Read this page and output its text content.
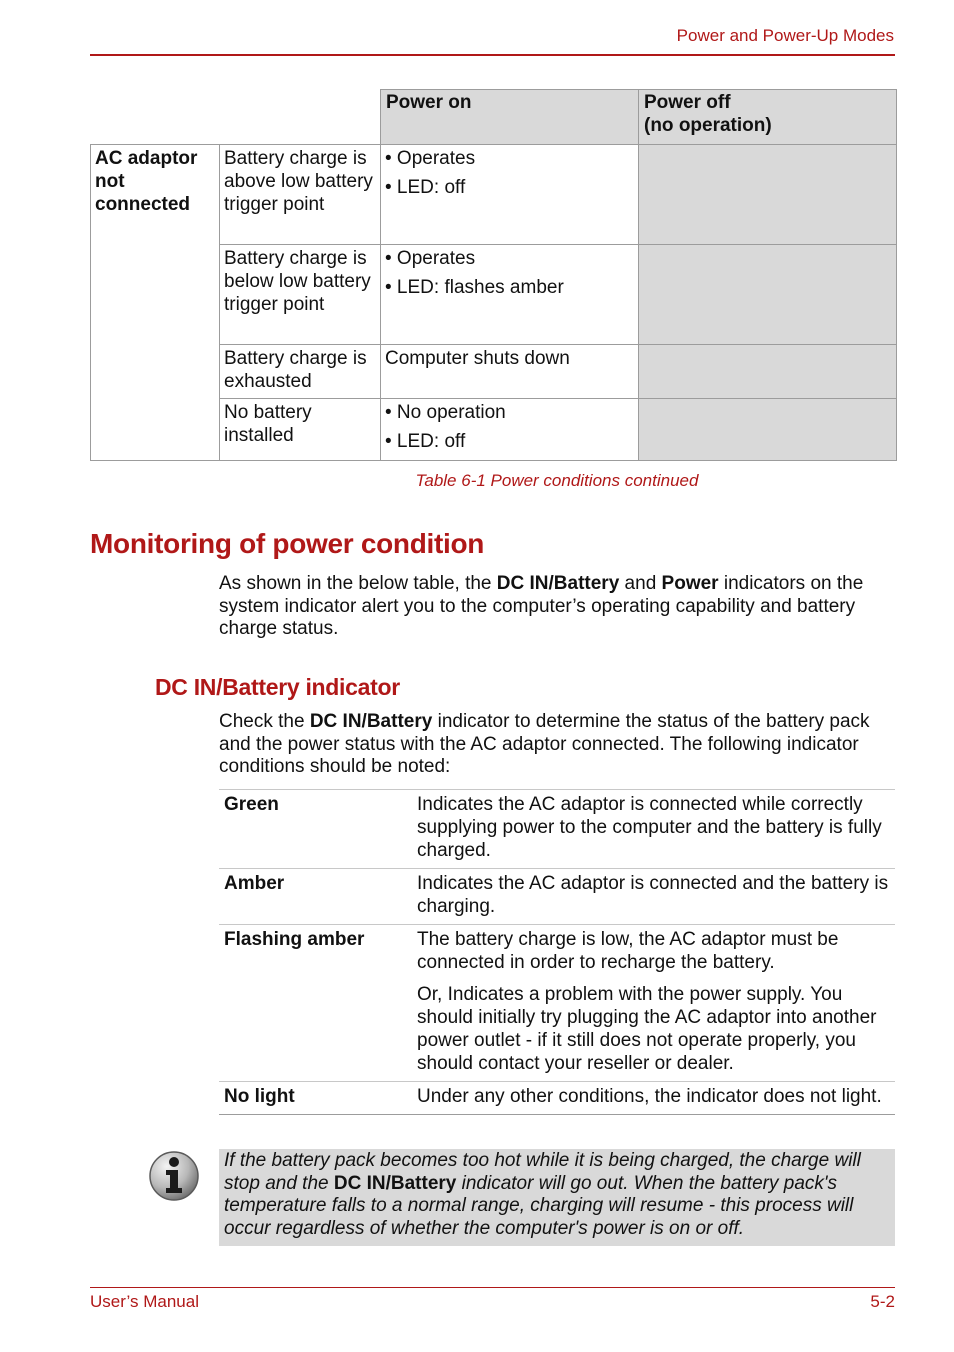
Power and Power-Up Modes
		Power on	Power off
(no operation)

AC adaptor not connected	Battery charge is above low battery trigger point	• Operates
• LED: off	

	Battery charge is below low battery trigger point	• Operates
• LED: flashes amber	

	Battery charge is exhausted	Computer shuts down	

	No battery installed	• No operation
• LED: off	

Table 6-1 Power conditions continued
Monitoring of power condition
As shown in the below table, the DC IN/Battery and Power indicators on the system indicator alert you to the computer’s operating capability and battery charge status.
DC IN/Battery indicator
Check the DC IN/Battery indicator to determine the status of the battery pack and the power status with the AC adaptor connected. The following indicator conditions should be noted:
Green	Indicates the AC adaptor is connected while correctly supplying power to the computer and the battery is fully charged.

Amber	Indicates the AC adaptor is connected and the battery is charging.

Flashing amber	The battery charge is low, the AC adaptor must be connected in order to recharge the battery.
Or, Indicates a problem with the power supply. You should initially try plugging the AC adaptor into another power outlet - if it still does not operate properly, you should contact your reseller or dealer.

No light	Under any other conditions, the indicator does not light.
If the battery pack becomes too hot while it is being charged, the charge will stop and the DC IN/Battery indicator will go out. When the battery pack's temperature falls to a normal range, charging will resume - this process will occur regardless of whether the computer's power is on or off.
User’s Manual	5-2
